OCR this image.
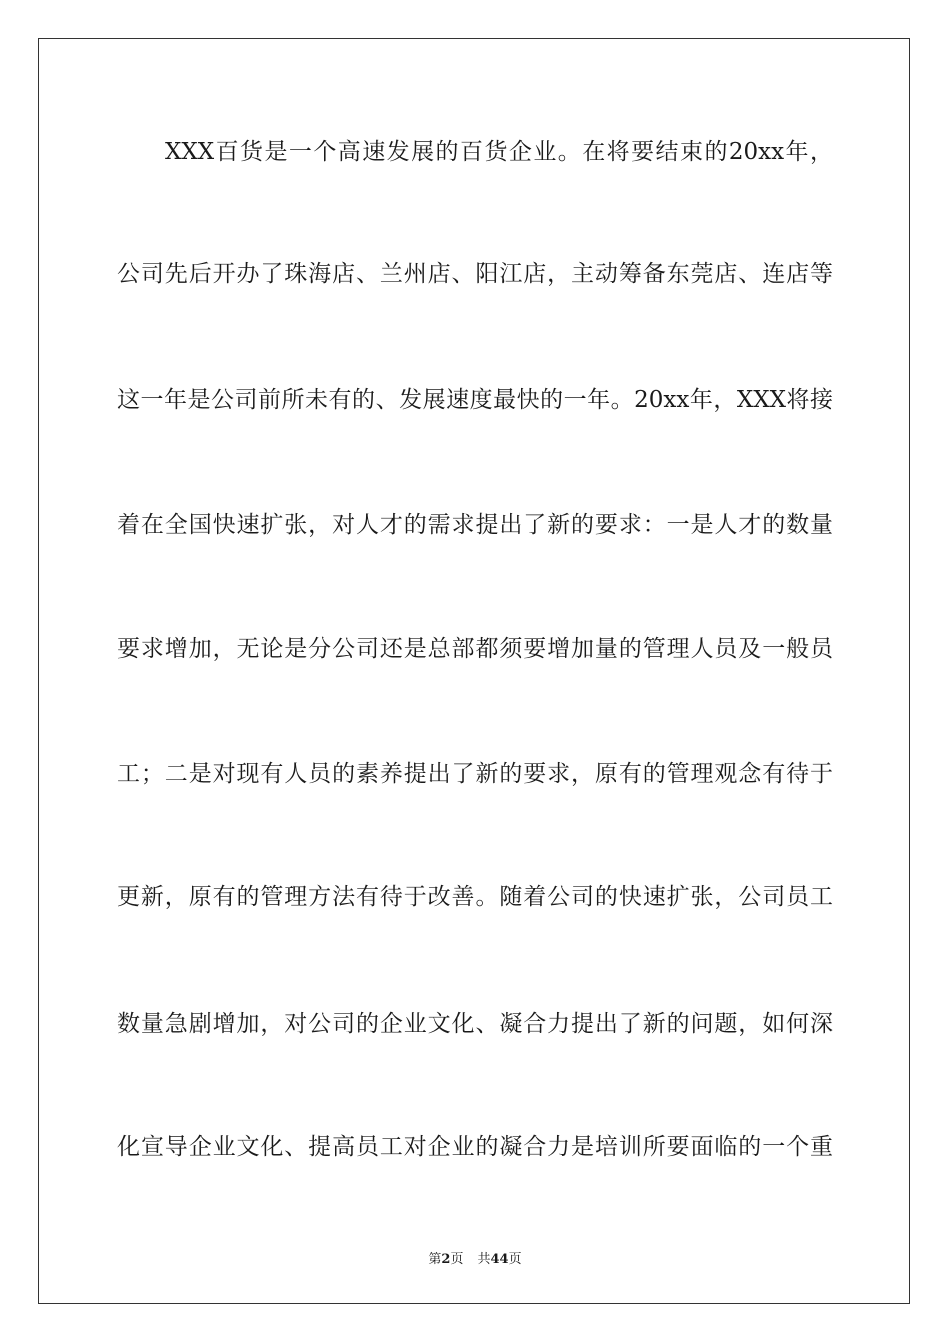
XXX百货是一个高速发展的百货企业。在将要结束的20xx年，
公司先后开办了珠海店、兰州店、阳江店，主动筹备东莞店、连店等
这一年是公司前所未有的、发展速度最快的一年。20xx年，XXX将接
着在全国快速扩张，对人才的需求提出了新的要求：一是人才的数量
要求增加，无论是分公司还是总部都须要增加量的管理人员及一般员
工；二是对现有人员的素养提出了新的要求，原有的管理观念有待于
更新，原有的管理方法有待于改善。随着公司的快速扩张，公司员工
数量急剧增加，对公司的企业文化、凝合力提出了新的问题，如何深
化宣导企业文化、提高员工对企业的凝合力是培训所要面临的一个重
第2页 共44页
